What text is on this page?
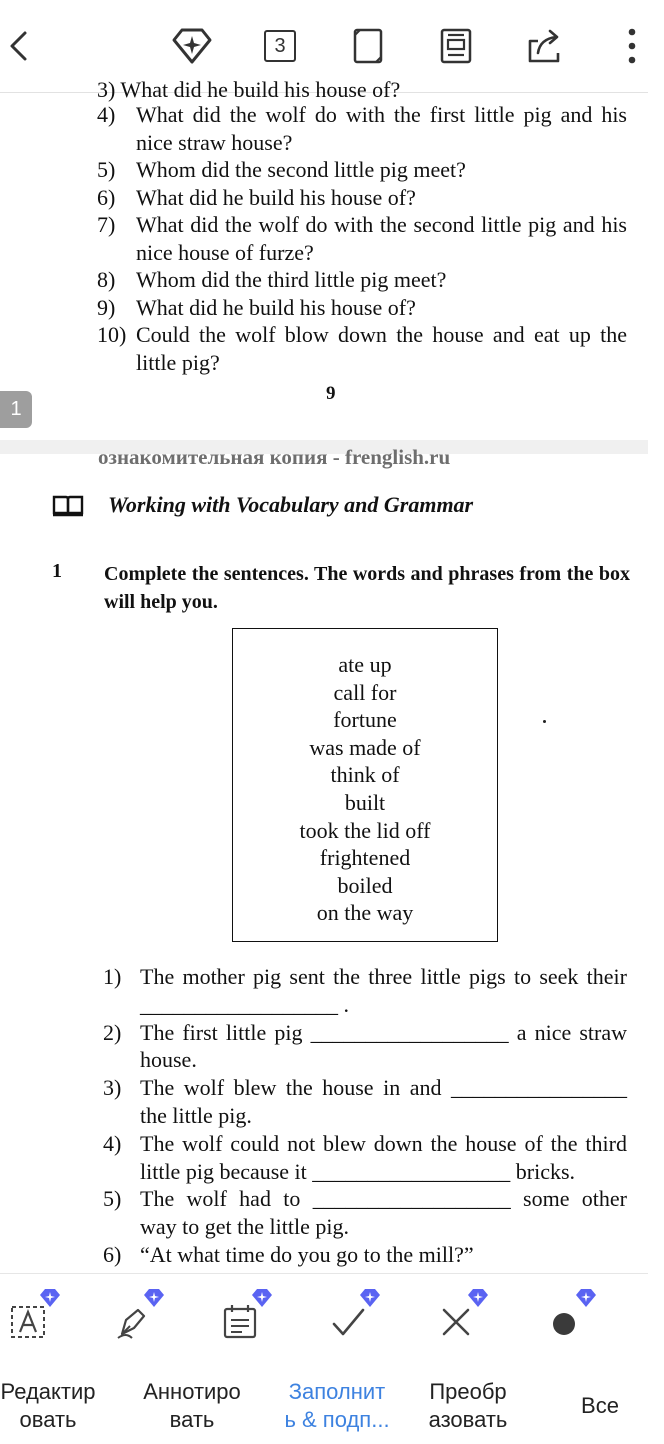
3
3) What did he build his house of?
4) What did the wolf do with the first little pig and his nice straw house?
5) Whom did the second little pig meet?
6) What did he build his house of?
7) What did the wolf do with the second little pig and his nice house of furze?
8) Whom did the third little pig meet?
9) What did he build his house of?
10) Could the wolf blow down the house and eat up the little pig?
9
1
ознакомительная копия - frenglish.ru
Working with Vocabulary and Grammar
1 Complete the sentences. The words and phrases from the box will help you.
ate up
call for
fortune
was made of
think of
built
took the lid off
frightened
boiled
on the way
1) The mother pig sent the three little pigs to seek their __________________ .
2) The first little pig __________________ a nice straw house.
3) The wolf blew the house in and ________________ the little pig.
4) The wolf could not blew down the house of the third little pig because it __________________ bricks.
5) The wolf had to __________________ some other way to get the little pig.
6) “At what time do you go to the mill?”
Редактир
овать
Аннотиро
вать
Заполнит
ь & подп...
Преобр
азовать
Все
